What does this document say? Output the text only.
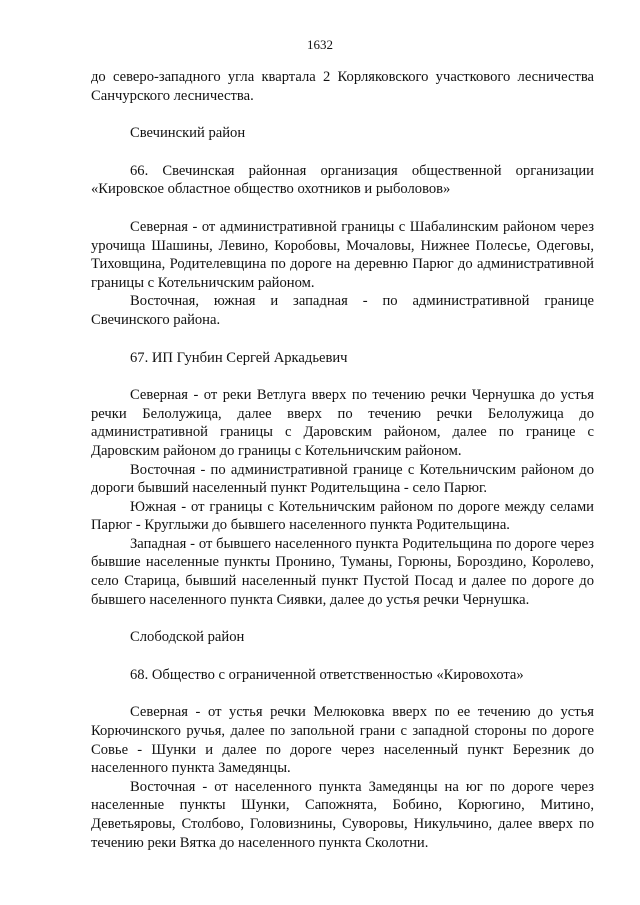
1632

до северо-западного угла квартала 2 Корляковского участкового лесничества Санчурского лесничества.

Свечинский район

66. Свечинская районная организация общественной организации «Кировское областное общество охотников и рыболовов»

Северная - от административной границы с Шабалинским районом через урочища Шашины, Левино, Коробовы, Мочаловы, Нижнее Полесье, Одеговы, Тиховщина, Родителевщина по дороге на деревню Парюг до административной границы с Котельничским районом.

Восточная, южная и западная - по административной границе Свечинского района.

67. ИП Гунбин Сергей Аркадьевич

Северная - от реки Ветлуга вверх по течению речки Чернушка до устья речки Белолужица, далее вверх по течению речки Белолужица до административной границы с Даровским районом, далее по границе с Даровским районом до границы с Котельничским районом.

Восточная - по административной границе с Котельничским районом до дороги бывший населенный пункт Родительщина - село Парюг.

Южная - от границы с Котельничским районом по дороге между селами Парюг - Круглыжи до бывшего населенного пункта Родительщина.

Западная - от бывшего населенного пункта Родительщина по дороге через бывшие населенные пункты Пронино, Туманы, Горюны, Бороздино, Королево, село Старица, бывший населенный пункт Пустой Посад и далее по дороге до бывшего населенного пункта Сиявки, далее до устья речки Чернушка.

Слободской район

68. Общество с ограниченной ответственностью «Кировохота»

Северная - от устья речки Мелюковка вверх по ее течению до устья Корючинского ручья, далее по запольной грани с западной стороны по дороге Совье - Шунки и далее по дороге через населенный пункт Березник до населенного пункта Замедянцы.

Восточная - от населенного пункта Замедянцы на юг по дороге через населенные пункты Шунки, Сапожнята, Бобино, Корюгино, Митино, Деветьяровы, Столбово, Головизнины, Суворовы, Никульчино, далее вверх по течению реки Вятка до населенного пункта Сколотни.
